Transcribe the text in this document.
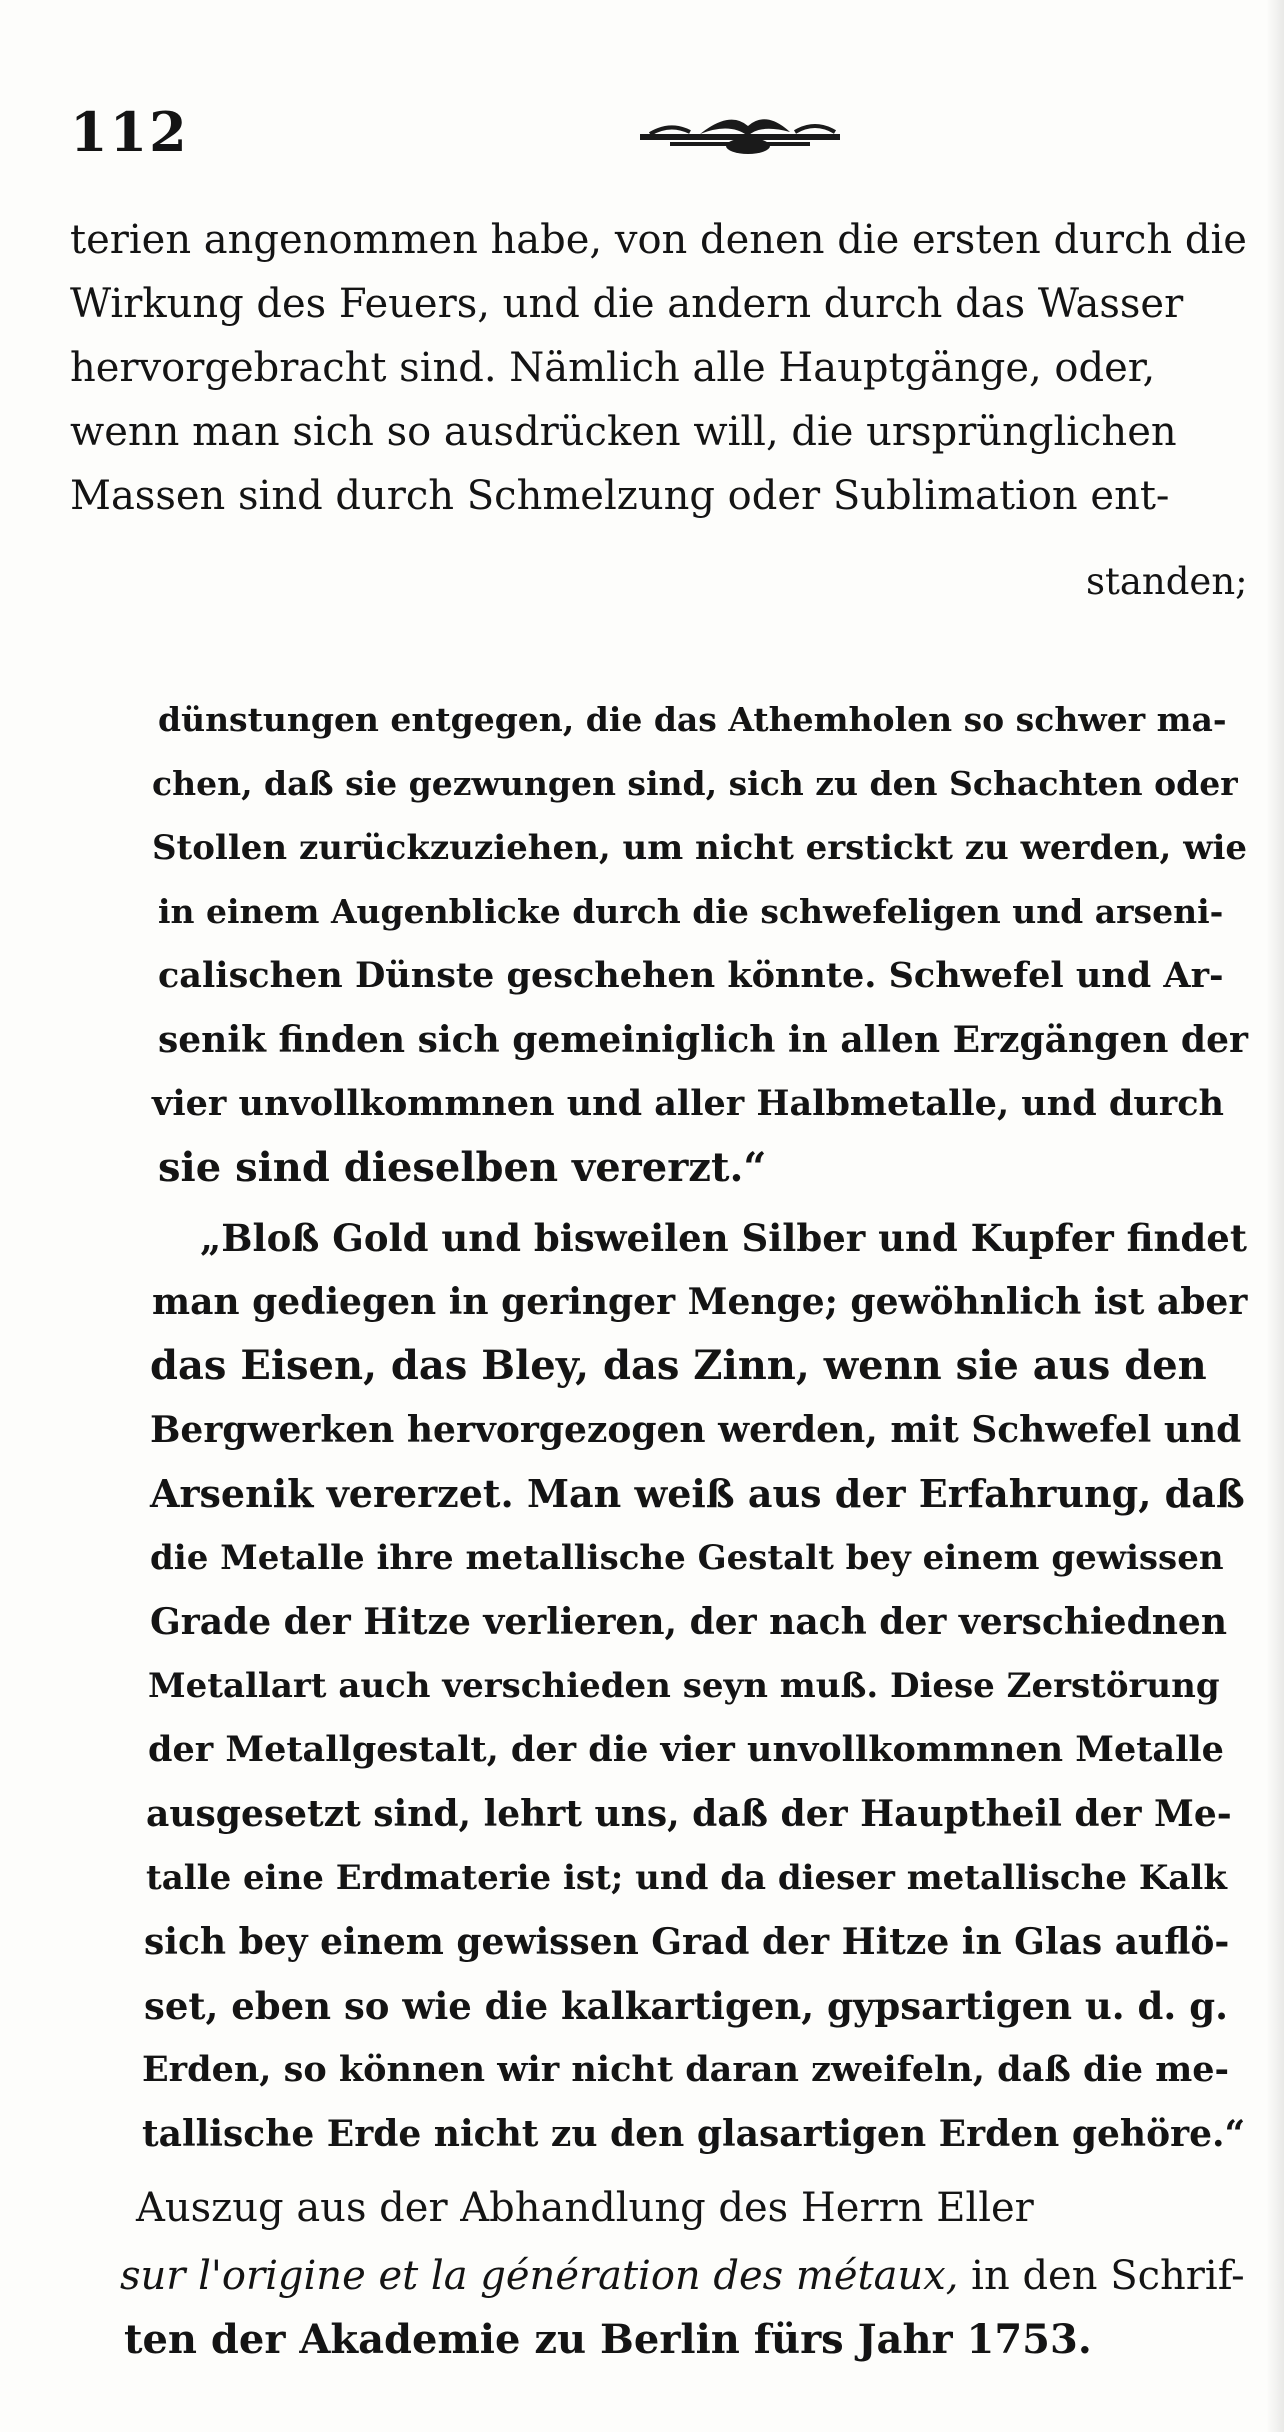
112
terien angenommen habe, von denen die ersten durch die
Wirkung des Feuers, und die andern durch das Wasser
hervorgebracht sind. Nämlich alle Hauptgänge, oder,
wenn man sich so ausdrücken will, die ursprünglichen
Massen sind durch Schmelzung oder Sublimation ent-
standen;
dünstungen entgegen, die das Athemholen so schwer ma-
chen, daß sie gezwungen sind, sich zu den Schachten oder
Stollen zurückzuziehen, um nicht erstickt zu werden, wie
in einem Augenblicke durch die schwefeligen und arseni-
calischen Dünste geschehen könnte. Schwefel und Ar-
senik finden sich gemeiniglich in allen Erzgängen der
vier unvollkommnen und aller Halbmetalle, und durch
sie sind dieselben vererzt.“
„Bloß Gold und bisweilen Silber und Kupfer findet
man gediegen in geringer Menge; gewöhnlich ist aber
das Eisen, das Bley, das Zinn, wenn sie aus den
Bergwerken hervorgezogen werden, mit Schwefel und
Arsenik vererzet. Man weiß aus der Erfahrung, daß
die Metalle ihre metallische Gestalt bey einem gewissen
Grade der Hitze verlieren, der nach der verschiednen
Metallart auch verschieden seyn muß. Diese Zerstörung
der Metallgestalt, der die vier unvollkommnen Metalle
ausgesetzt sind, lehrt uns, daß der Hauptheil der Me-
talle eine Erdmaterie ist; und da dieser metallische Kalk
sich bey einem gewissen Grad der Hitze in Glas auflö-
set, eben so wie die kalkartigen, gypsartigen u. d. g.
Erden, so können wir nicht daran zweifeln, daß die me-
tallische Erde nicht zu den glasartigen Erden gehöre.“
Auszug aus der Abhandlung des Herrn Eller
sur l'origine et la génération des métaux, in den Schrif-
ten der Akademie zu Berlin fürs Jahr 1753.
